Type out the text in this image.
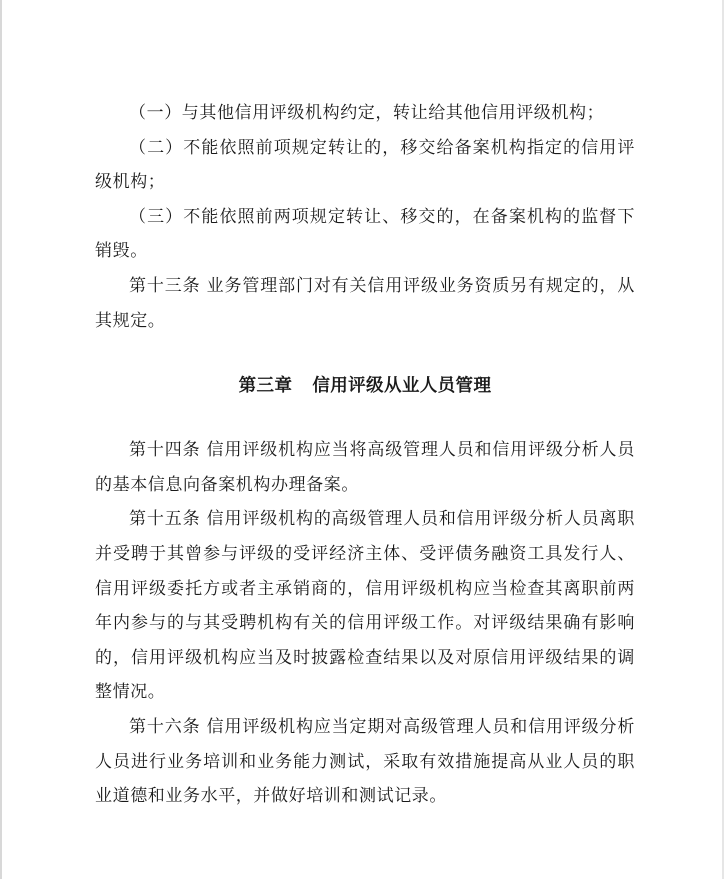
（一）与其他信用评级机构约定，转让给其他信用评级机构；

（二）不能依照前项规定转让的，移交给备案机构指定的信用评级机构；

（三）不能依照前两项规定转让、移交的，在备案机构的监督下销毁。

第十三条 业务管理部门对有关信用评级业务资质另有规定的，从其规定。

第三章 信用评级从业人员管理

第十四条 信用评级机构应当将高级管理人员和信用评级分析人员的基本信息向备案机构办理备案。

第十五条 信用评级机构的高级管理人员和信用评级分析人员离职并受聘于其曾参与评级的受评经济主体、受评债务融资工具发行人、信用评级委托方或者主承销商的，信用评级机构应当检查其离职前两年内参与的与其受聘机构有关的信用评级工作。对评级结果确有影响的，信用评级机构应当及时披露检查结果以及对原信用评级结果的调整情况。

第十六条 信用评级机构应当定期对高级管理人员和信用评级分析人员进行业务培训和业务能力测试，采取有效措施提高从业人员的职业道德和业务水平，并做好培训和测试记录。
